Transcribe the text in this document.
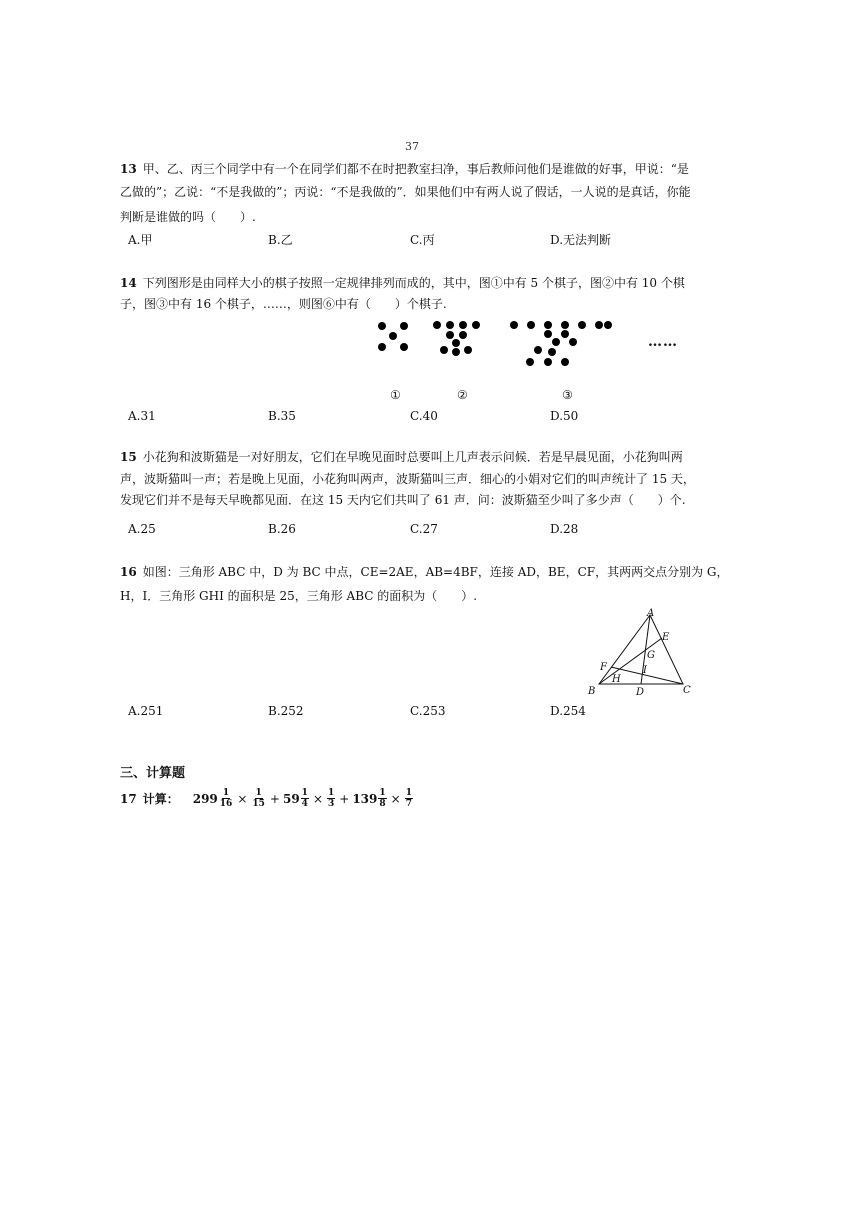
37
13 甲、乙、丙三个同学中有一个在同学们都不在时把教室扫净，事后教师问他们是谁做的好事，甲说：“是
乙做的”；乙说：“不是我做的”；丙说：“不是我做的”．如果他们中有两人说了假话，一人说的是真话，你能
判断是谁做的吗（　　）.
A.甲	B.乙	C.丙	D.无法判断
14 下列图形是由同样大小的棋子按照一定规律排列而成的，其中，图①中有 5 个棋子，图②中有 10 个棋
子，图③中有 16 个棋子，……，则图⑥中有（　　）个棋子.
……
①	②	③
A.31	B.35	C.40	D.50
15 小花狗和波斯猫是一对好朋友，它们在早晚见面时总要叫上几声表示问候．若是早晨见面，小花狗叫两
声，波斯猫叫一声；若是晚上见面，小花狗叫两声，波斯猫叫三声．细心的小娟对它们的叫声统计了 15 天，
发现它们并不是每天早晚都见面．在这 15 天内它们共叫了 61 声．问：波斯猫至少叫了多少声（　　）个.
A.25	B.26	C.27	D.28
16 如图：三角形 ABC 中，D 为 BC 中点，CE=2AE，AB=4BF，连接 AD，BE，CF，其两两交点分别为 G，
H，I．三角形 GHI 的面积是 25，三角形 ABC 的面积为（　　）.
A
B	C
D
E
F
G
H
I
A.251	B.252	C.253	D.254
三、计算题
17 计算： $299 \frac{1}{16} \times \frac{1}{15} + 59 \frac{1}{4} \times \frac{1}{3} + 139 \frac{1}{8} \times \frac{1}{7}$
